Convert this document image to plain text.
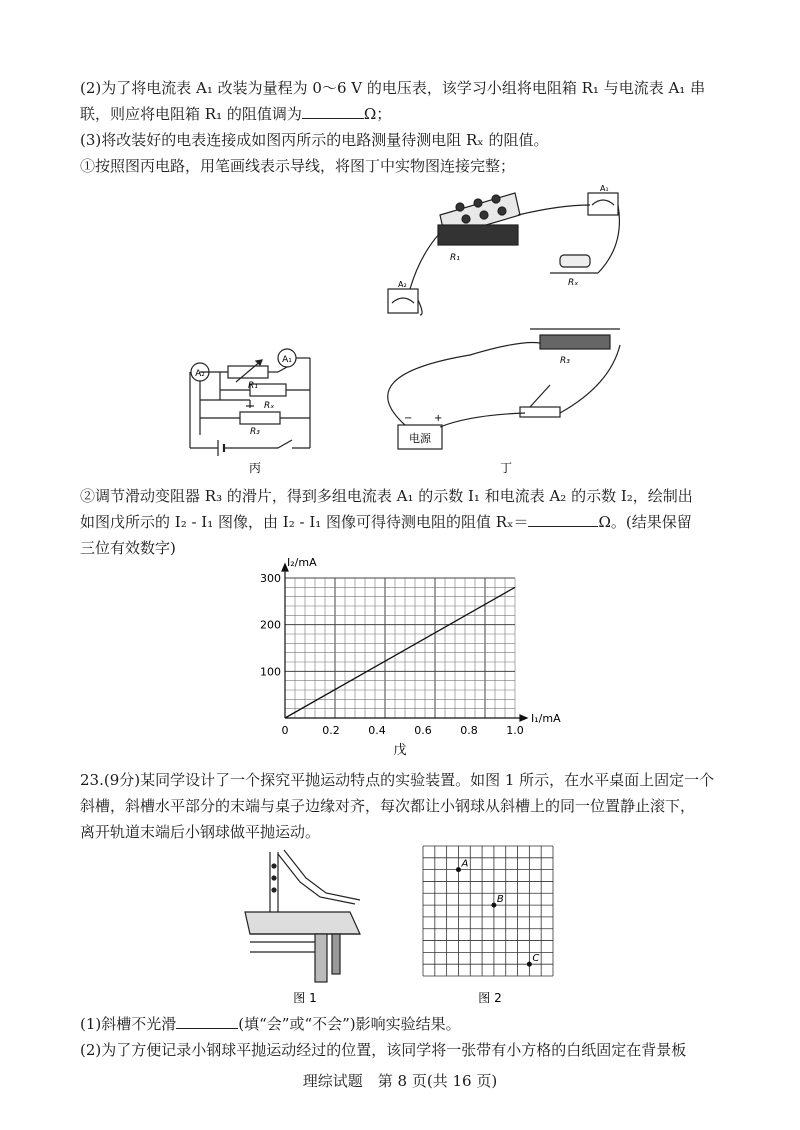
(2)为了将电流表 A₁ 改装为量程为 0～6 V 的电压表，该学习小组将电阻箱 R₁ 与电流表 A₁ 串
联，则应将电阻箱 R₁ 的阻值调为	Ω；
(3)将改装好的电表连接成如图丙所示的电路测量待测电阻 Rₓ 的阻值。
①按照图丙电路，用笔画线表示导线，将图丁中实物图连接完整；
A₂
A₁
R₁
Rₓ
R₃
丙
R₁
A₁
Rₓ
A₂
R₃
− +
电源
丁
②调节滑动变阻器 R₃ 的滑片，得到多组电流表 A₁ 的示数 I₁ 和电流表 A₂ 的示数 I₂，绘制出
如图戊所示的 I₂ - I₁ 图像，由 I₂ - I₁ 图像可得待测电阻的阻值 Rₓ＝	Ω。(结果保留
三位有效数字)
0	0.2	0.4	0.6	0.8	1.0
100
200
300
I₁/mA
I₂/mA
戊
23.(9分)某同学设计了一个探究平抛运动特点的实验装置。如图 1 所示，在水平桌面上固定一个
斜槽，斜槽水平部分的末端与桌子边缘对齐，每次都让小钢球从斜槽上的同一位置静止滚下，
离开轨道末端后小钢球做平抛运动。
图 1
A
B
C
图 2
(1)斜槽不光滑	(填“会”或“不会”)影响实验结果。
(2)为了方便记录小钢球平抛运动经过的位置，该同学将一张带有小方格的白纸固定在背景板
理综试题　第 8 页(共 16 页)
